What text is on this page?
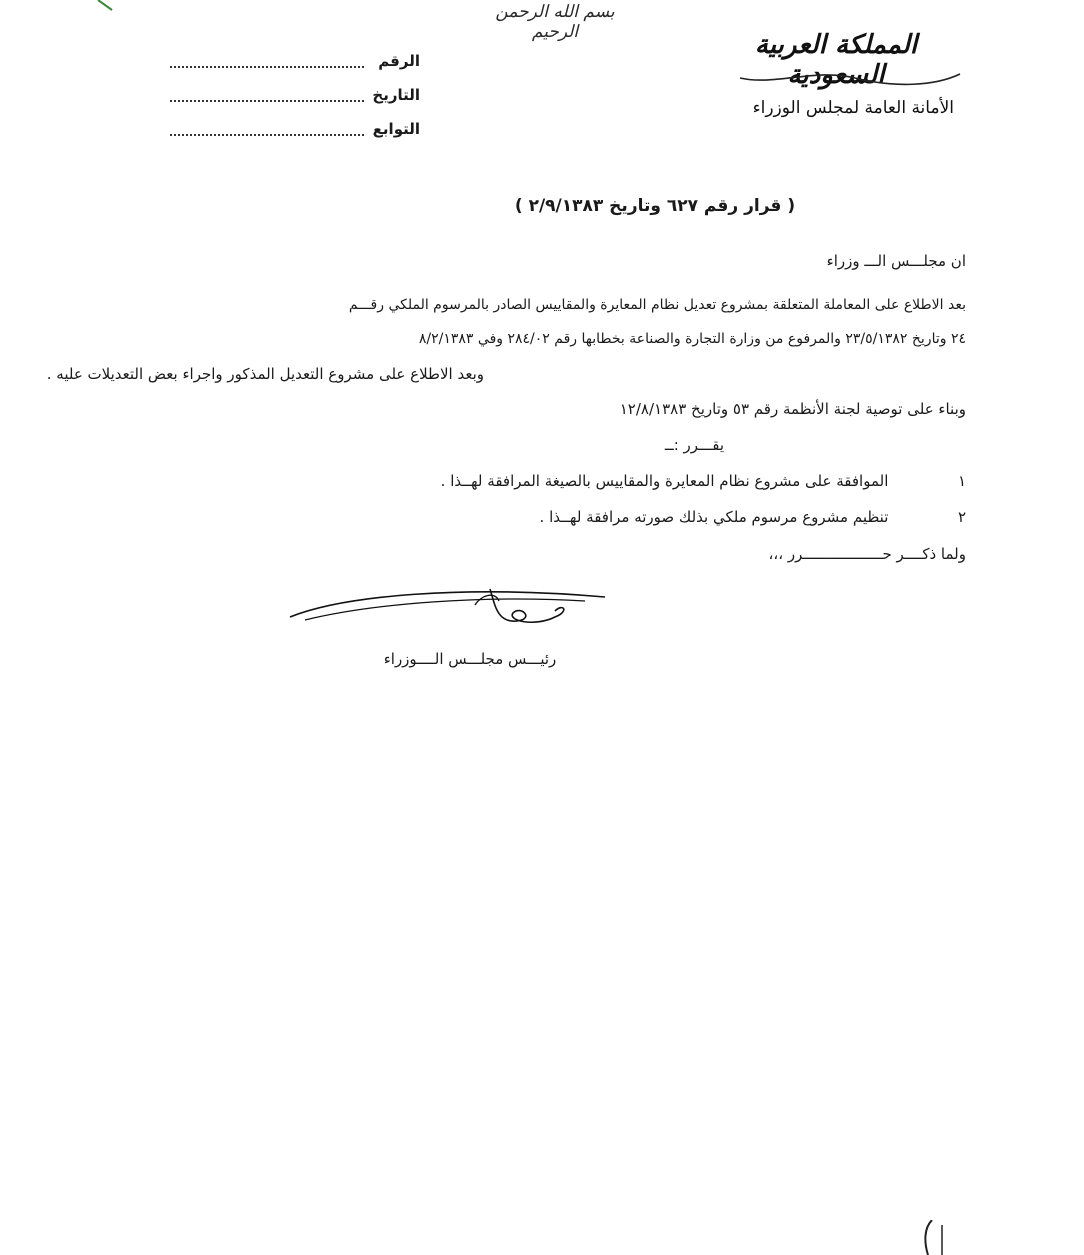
بسم الله الرحمن الرحيم	المملكة العربية السعودية
الأمانة العامة لمجلس الوزراء
الرقم
التاريخ
التوابع
( قرار رقم ٦٢٧ وتاريخ ٢/٩/١٣٨٣ )
ان مجلـــس الـــ وزراء
بعد الاطلاع على المعاملة المتعلقة بمشروع تعديل نظام المعايرة والمقاييس الصادر بالمرسوم الملكي رقـــم
٢٤ وتاريخ ٢٣/٥/١٣٨٢ والمرفوع من وزارة التجارة والصناعة بخطابها رقم ٢٨٤/٠٢ وفي ٨/٢/١٣٨٣
وبعد الاطلاع على مشروع التعديل المذكور واجراء بعض التعديلات عليه .
وبناء على توصية لجنة الأنظمة رقم ٥٣ وتاريخ ١٢/٨/١٣٨٣
يقـــرر :ــ
١  الموافقة على مشروع نظام المعايرة والمقاييس بالصيغة المرافقة لهــذا .
٢  تنظيم مشروع مرسوم ملكي بذلك صورته مرافقة لهــذا .
ولما ذكــــر حــــــــــــــــــرر ،،،
رئيـــس مجلـــس الــــوزراء
